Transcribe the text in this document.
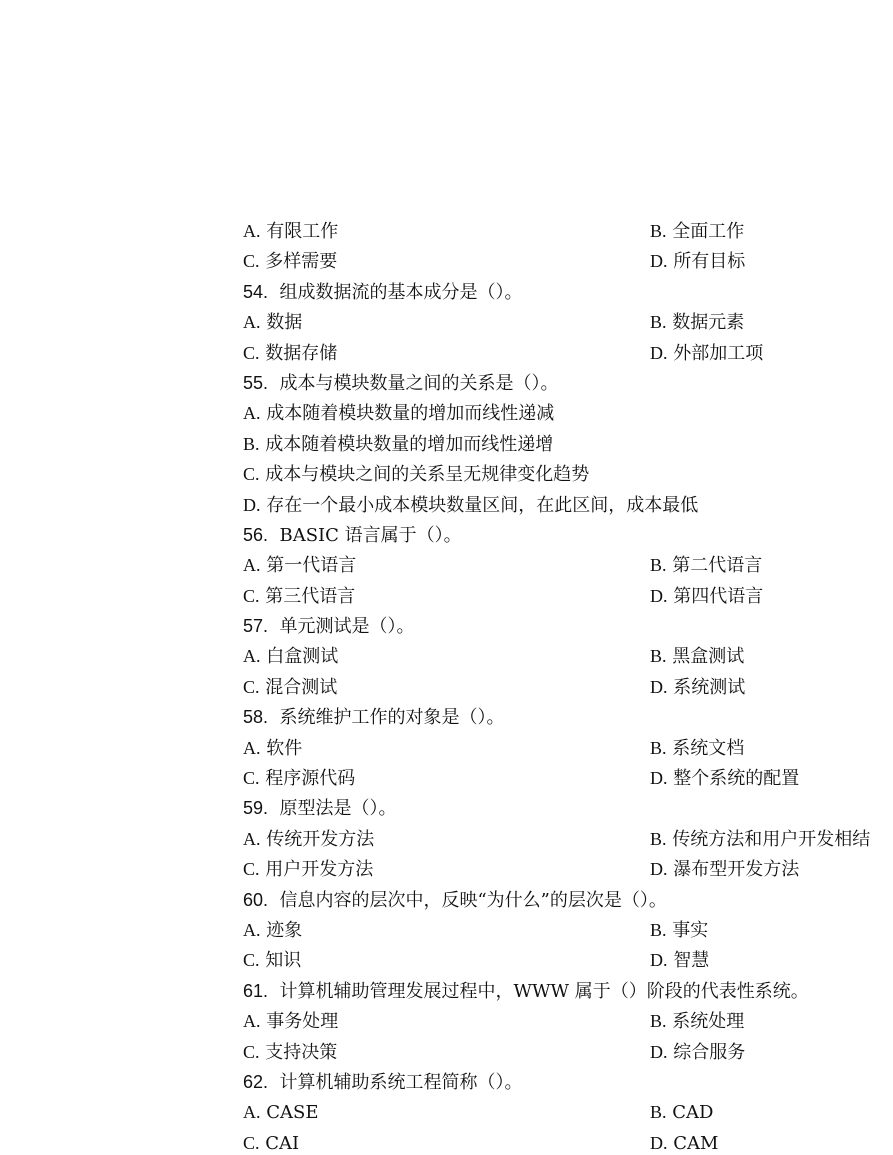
A. 有限工作	B. 全面工作
C. 多样需要	D. 所有目标
54. 组成数据流的基本成分是（）。
A. 数据	B. 数据元素
C. 数据存储	D. 外部加工项
55. 成本与模块数量之间的关系是（）。
A. 成本随着模块数量的增加而线性递减
B. 成本随着模块数量的增加而线性递增
C. 成本与模块之间的关系呈无规律变化趋势
D. 存在一个最小成本模块数量区间，在此区间，成本最低
56. BASIC 语言属于（）。
A. 第一代语言	B. 第二代语言
C. 第三代语言	D. 第四代语言
57. 单元测试是（）。
A. 白盒测试	B. 黑盒测试
C. 混合测试	D. 系统测试
58. 系统维护工作的对象是（）。
A. 软件	B. 系统文档
C. 程序源代码	D. 整个系统的配置
59. 原型法是（）。
A. 传统开发方法	B. 传统方法和用户开发相结
C. 用户开发方法	D. 瀑布型开发方法
60. 信息内容的层次中，反映“为什么”的层次是（）。
A. 迹象	B. 事实
C. 知识	D. 智慧
61. 计算机辅助管理发展过程中，WWW 属于（）阶段的代表性系统。
A. 事务处理	B. 系统处理
C. 支持决策	D. 综合服务
62. 计算机辅助系统工程简称（）。
A. CASE	B. CAD
C. CAI	D. CAM
